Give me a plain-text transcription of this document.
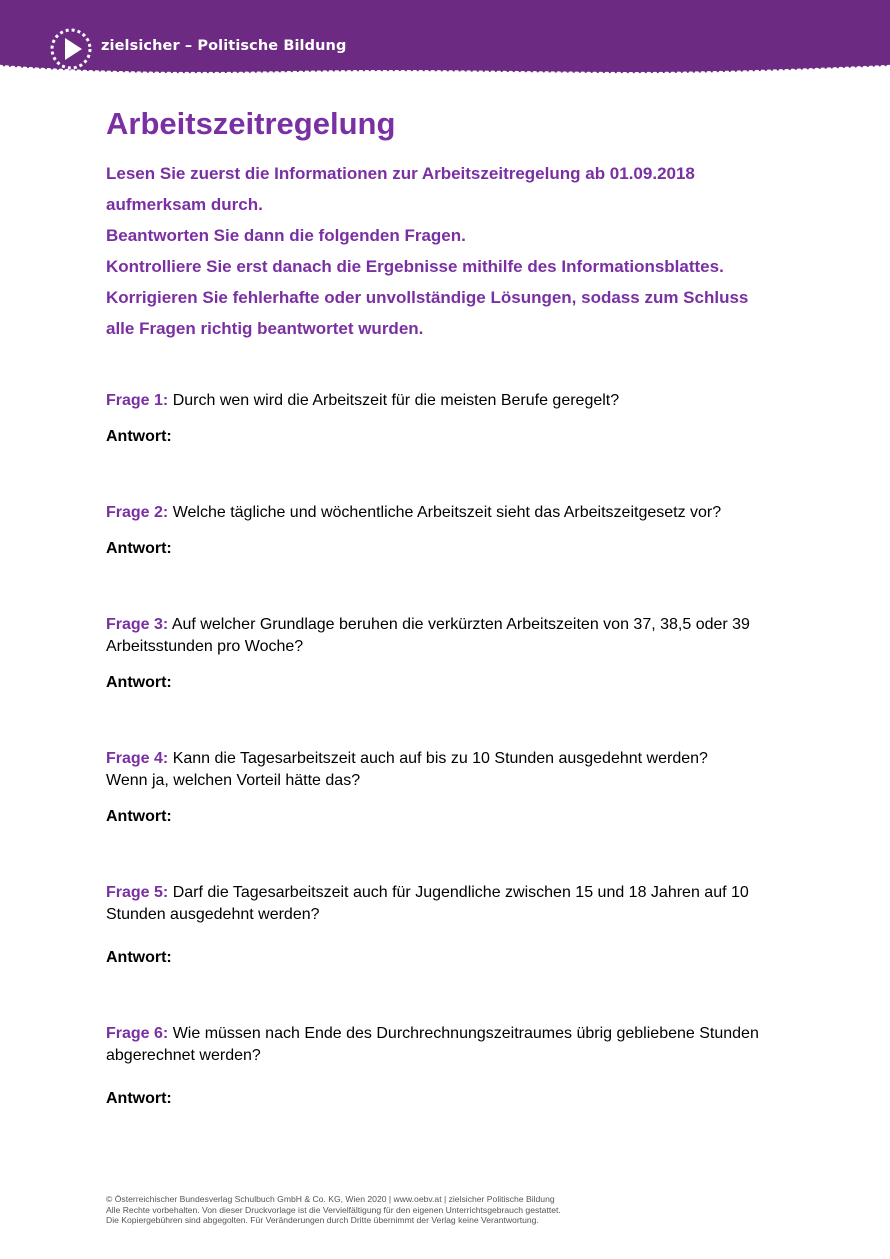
zielsicher – Politische Bildung
Arbeitszeitregelung
Lesen Sie zuerst die Informationen zur Arbeitszeitregelung ab 01.09.2018
aufmerksam durch.
Beantworten Sie dann die folgenden Fragen.
Kontrolliere Sie erst danach die Ergebnisse mithilfe des Informationsblattes.
Korrigieren Sie fehlerhafte oder unvollständige Lösungen, sodass zum Schluss
alle Fragen richtig beantwortet wurden.
Frage 1: Durch wen wird die Arbeitszeit für die meisten Berufe geregelt?
Antwort:
Frage 2: Welche tägliche und wöchentliche Arbeitszeit sieht das Arbeitszeitgesetz vor?
Antwort:
Frage 3: Auf welcher Grundlage beruhen die verkürzten Arbeitszeiten von 37, 38,5 oder 39
Arbeitsstunden pro Woche?
Antwort:
Frage 4: Kann die Tagesarbeitszeit auch auf bis zu 10 Stunden ausgedehnt werden?
Wenn ja, welchen Vorteil hätte das?
Antwort:
Frage 5: Darf die Tagesarbeitszeit auch für Jugendliche zwischen 15 und 18 Jahren auf 10
Stunden ausgedehnt werden?
Antwort:
Frage 6: Wie müssen nach Ende des Durchrechnungszeitraumes übrig gebliebene Stunden
abgerechnet werden?
Antwort:
© Österreichischer Bundesverlag Schulbuch GmbH & Co. KG, Wien 2020 | www.oebv.at | zielsicher Politische Bildung
Alle Rechte vorbehalten. Von dieser Druckvorlage ist die Vervielfältigung für den eigenen Unterrichtsgebrauch gestattet.
Die Kopiergebühren sind abgegolten. Für Veränderungen durch Dritte übernimmt der Verlag keine Verantwortung.
